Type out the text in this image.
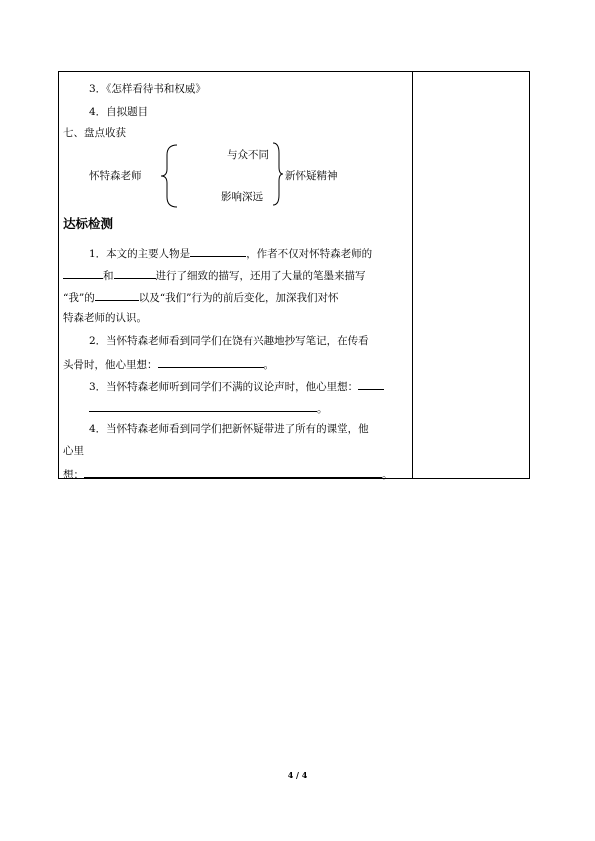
3．《怎样看待书和权威》
4．自拟题目
七、盘点收获
与众不同
怀特森老师	新怀疑精神
影响深远
达标检测
1．本文的主要人物是	，作者不仅对怀特森老师的
和	进行了细致的描写，还用了大量的笔墨来描写
“我”的	以及“我们”行为的前后变化，加深我们对怀
特森老师的认识。
2．当怀特森老师看到同学们在饶有兴趣地抄写笔记，在传看
头骨时，他心里想：	。
3．当怀特森老师听到同学们不满的议论声时，他心里想：
。
4．当怀特森老师看到同学们把新怀疑带进了所有的课堂，他
心里
想：	。
4 / 4
